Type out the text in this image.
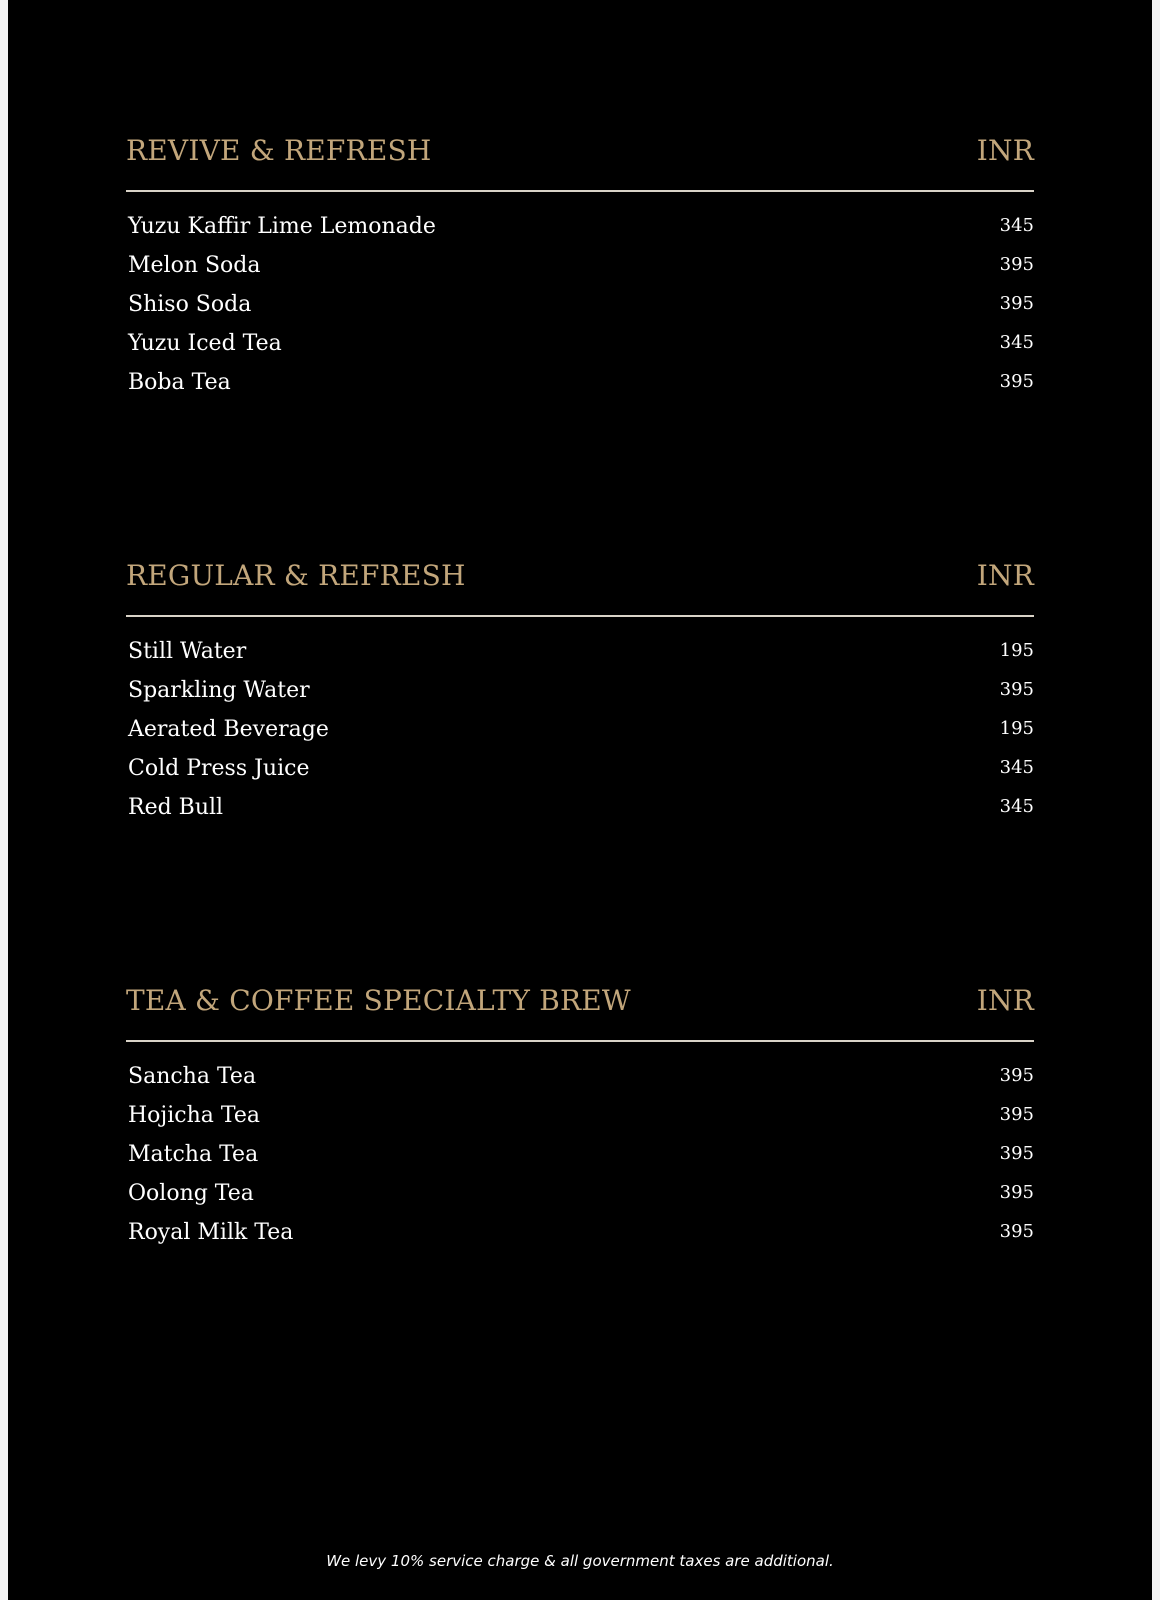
REVIVE & REFRESH	INR
Yuzu Kaffir Lime Lemonade	345
Melon Soda	395
Shiso Soda	395
Yuzu Iced Tea	345
Boba Tea	395
REGULAR & REFRESH	INR
Still Water	195
Sparkling Water	395
Aerated Beverage	195
Cold Press Juice	345
Red Bull	345
TEA & COFFEE SPECIALTY BREW	INR
Sancha Tea	395
Hojicha Tea	395
Matcha Tea	395
Oolong Tea	395
Royal Milk Tea	395
We levy 10% service charge & all government taxes are additional.
